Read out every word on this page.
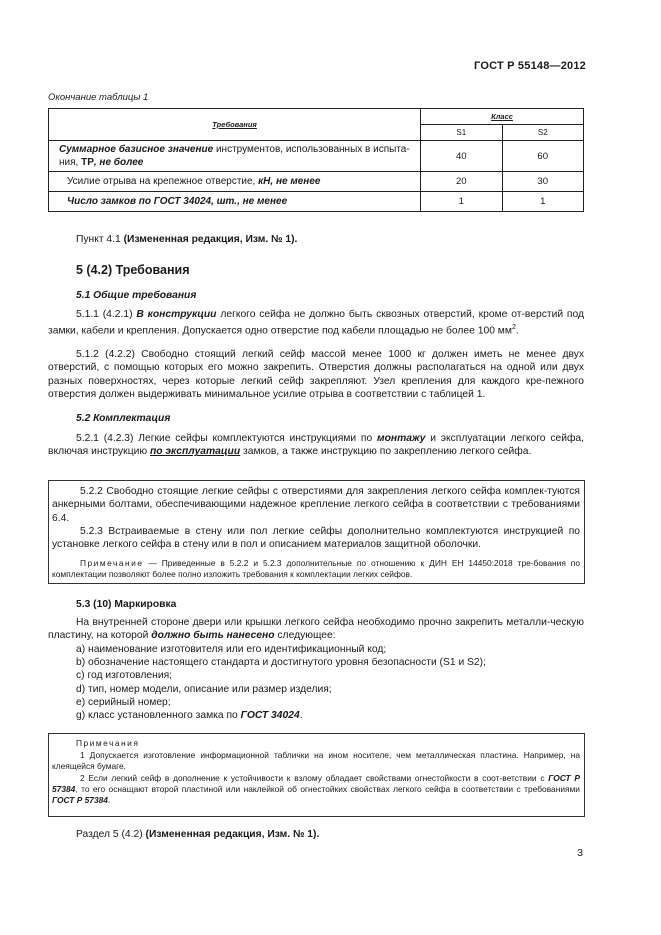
ГОСТ Р 55148—2012
Окончание таблицы 1
Требования	Класс	
	S1	S2
Суммарное базисное значение инструментов, использованных в испыта-ния, ТР, не более	40	60
Усилие отрыва на крепежное отверстие, кН, не менее	20	30
Число замков по ГОСТ 34024, шт., не менее	1	1
Пункт 4.1 (Измененная редакция, Изм. № 1).
5 (4.2) Требования
5.1 Общие требования
5.1.1 (4.2.1) В конструкции легкого сейфа не должно быть сквозных отверстий, кроме от-верстий под замки, кабели и крепления. Допускается одно отверстие под кабели площадью не более 100 $мм^2$.
5.1.2 (4.2.2) Свободно стоящий легкий сейф массой менее 1000 кг должен иметь не менее двух отверстий, с помощью которых его можно закрепить. Отверстия должны располагаться на одной или двух разных поверхностях, через которые легкий сейф закрепляют. Узел крепления для каждого кре-пежного отверстия должен выдерживать минимальное усилие отрыва в соответствии с таблицей 1.
5.2 Комплектация
5.2.1 (4.2.3) Легкие сейфы комплектуются инструкциями по монтажу и эксплуатации легкого сейфа, включая инструкцию по эксплуатации замков, а также инструкцию по закреплению легкого сейфа.
5.2.2 Свободно стоящие легкие сейфы с отверстиями для закрепления легкого сейфа комплек-туются анкерными болтами, обеспечивающими надежное крепление легкого сейфа в соответствии с требованиями 6.4.
5.2.3 Встраиваемые в стену или пол легкие сейфы дополнительно комплектуются инструкцией по установке легкого сейфа в стену или в пол и описанием материалов защитной оболочки.
Примечание — Приведенные в 5.2.2 и 5.2.3 дополнительные по отношению к ДИН ЕН 14450:2018 тре-бования по комплектации позволяют более полно изложить требования к комплектации легких сейфов.
5.3 (10) Маркировка
На внутренней стороне двери или крышки легкого сейфа необходимо прочно закрепить металли-ческую пластину, на которой должно быть нанесено следующее:
a) наименование изготовителя или его идентификационный код;
b) обозначение настоящего стандарта и достигнутого уровня безопасности (S1 и S2);
c) год изготовления;
d) тип, номер модели, описание или размер изделия;
e) серийный номер;
g) класс установленного замка по ГОСТ 34024.
Примечания
1 Допускается изготовление информационной таблички на ином носителе, чем металлическая пластина. Например, на клеящейся бумаге.
2 Если легкий сейф в дополнение к устойчивости к взлому обладает свойствами огнестойкости в соот-ветствии с ГОСТ Р 57384, то его оснащают второй пластиной или наклейкой об огнестойких свойствах легкого сейфа в соответствии с требованиями ГОСТ Р 57384.
Раздел 5 (4.2) (Измененная редакция, Изм. № 1).
3
